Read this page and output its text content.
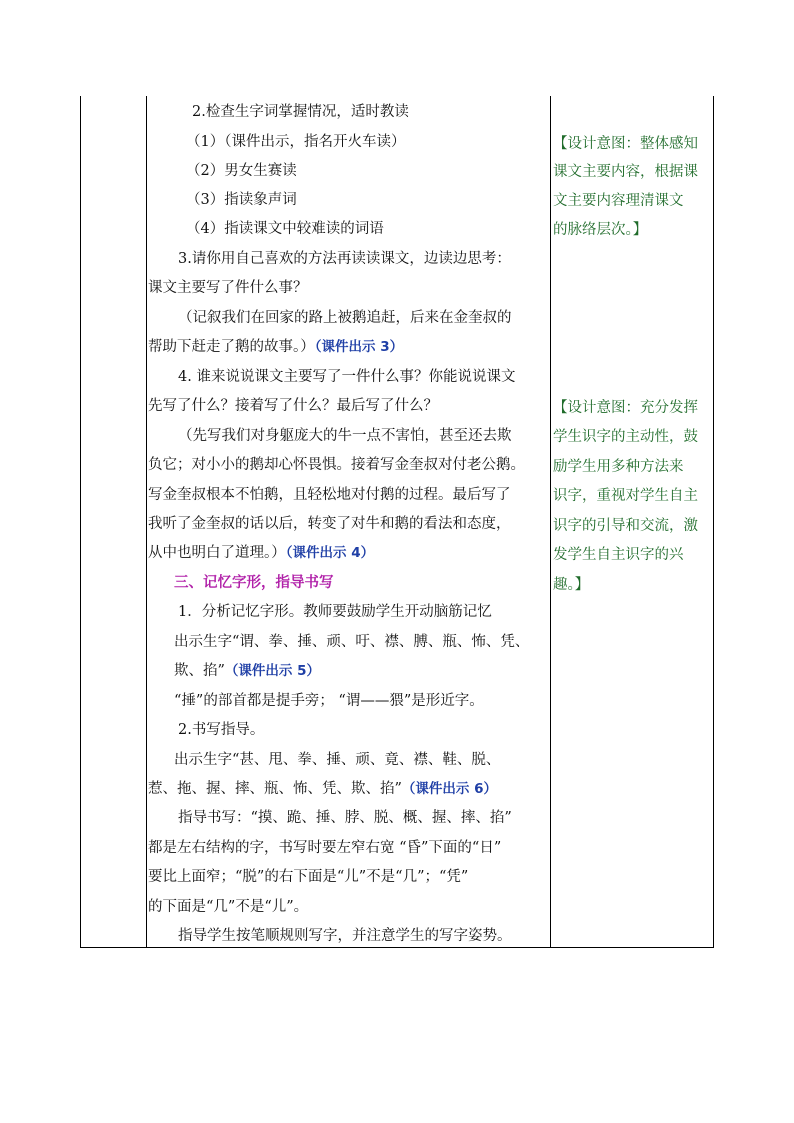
2.检查生字词掌握情况，适时教读
（1）（课件出示，指名开火车读）
（2）男女生赛读
（3）指读象声词
（4）指读课文中较难读的词语
3.请你用自己喜欢的方法再读读课文，边读边思考：
课文主要写了件什么事？
（记叙我们在回家的路上被鹅追赶，后来在金奎叔的
帮助下赶走了鹅的故事。）（课件出示 3）
4. 谁来说说课文主要写了一件什么事？你能说说课文
先写了什么？接着写了什么？最后写了什么？
（先写我们对身躯庞大的牛一点不害怕，甚至还去欺
负它；对小小的鹅却心怀畏惧。接着写金奎叔对付老公鹅。
写金奎叔根本不怕鹅，且轻松地对付鹅的过程。最后写了
我听了金奎叔的话以后，转变了对牛和鹅的看法和态度，
从中也明白了道理。）（课件出示 4）
三、记忆字形，指导书写
1．分析记忆字形。教师要鼓励学生开动脑筋记忆
出示生字“谓、拳、捶、顽、吁、襟、膊、瓶、怖、凭、
欺、掐”（课件出示 5）
“捶”的部首都是提手旁； “谓——猥”是形近字。
2.书写指导。
出示生字“甚、甩、拳、捶、顽、竟、襟、鞋、脱、
惹、拖、握、摔、瓶、怖、凭、欺、掐”（课件出示 6）
指导书写：“摸、跪、捶、脖、脱、概、握、摔、掐”
都是左右结构的字，书写时要左窄右宽 “昏”下面的“日”
要比上面窄；“脱”的右下面是“儿”不是“几”；“凭”
的下面是“几”不是“儿”。
指导学生按笔顺规则写字，并注意学生的写字姿势。
【设计意图：整体感知
课文主要内容，根据课
文主要内容理清课文
的脉络层次。】
【设计意图：充分发挥
学生识字的主动性，鼓
励学生用多种方法来
识字，重视对学生自主
识字的引导和交流，激
发学生自主识字的兴
趣。】
